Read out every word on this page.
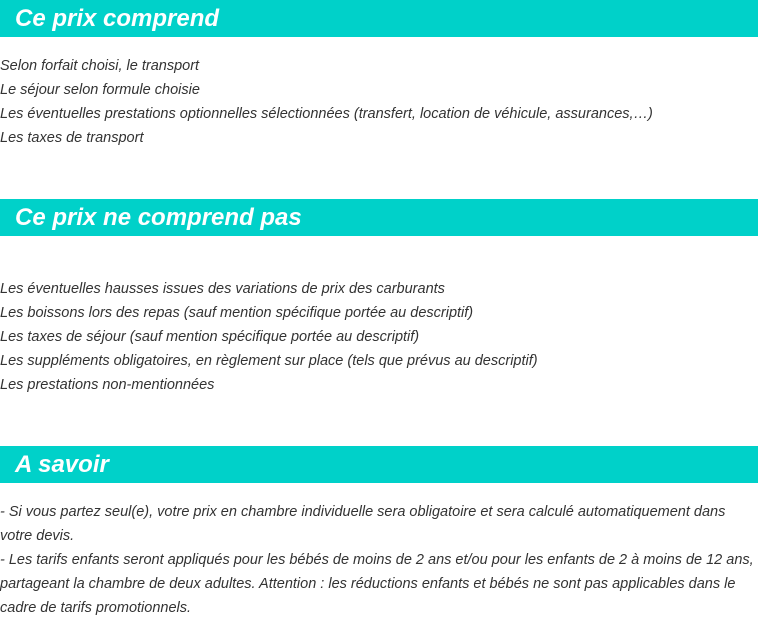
Ce prix comprend
Selon forfait choisi, le transport
Le séjour selon formule choisie
Les éventuelles prestations optionnelles sélectionnées (transfert, location de véhicule, assurances,…)
Les taxes de transport
Ce prix ne comprend pas
Les éventuelles hausses issues des variations de prix des carburants
Les boissons lors des repas (sauf mention spécifique portée au descriptif)
Les taxes de séjour (sauf mention spécifique portée au descriptif)
Les suppléments obligatoires, en règlement sur place (tels que prévus au descriptif)
Les prestations non-mentionnées
A savoir
- Si vous partez seul(e), votre prix en chambre individuelle sera obligatoire et sera calculé automatiquement dans votre devis.
- Les tarifs enfants seront appliqués pour les bébés de moins de 2 ans et/ou pour les enfants de 2 à moins de 12 ans, partageant la chambre de deux adultes. Attention : les réductions enfants et bébés ne sont pas applicables dans le cadre de tarifs promotionnels.
